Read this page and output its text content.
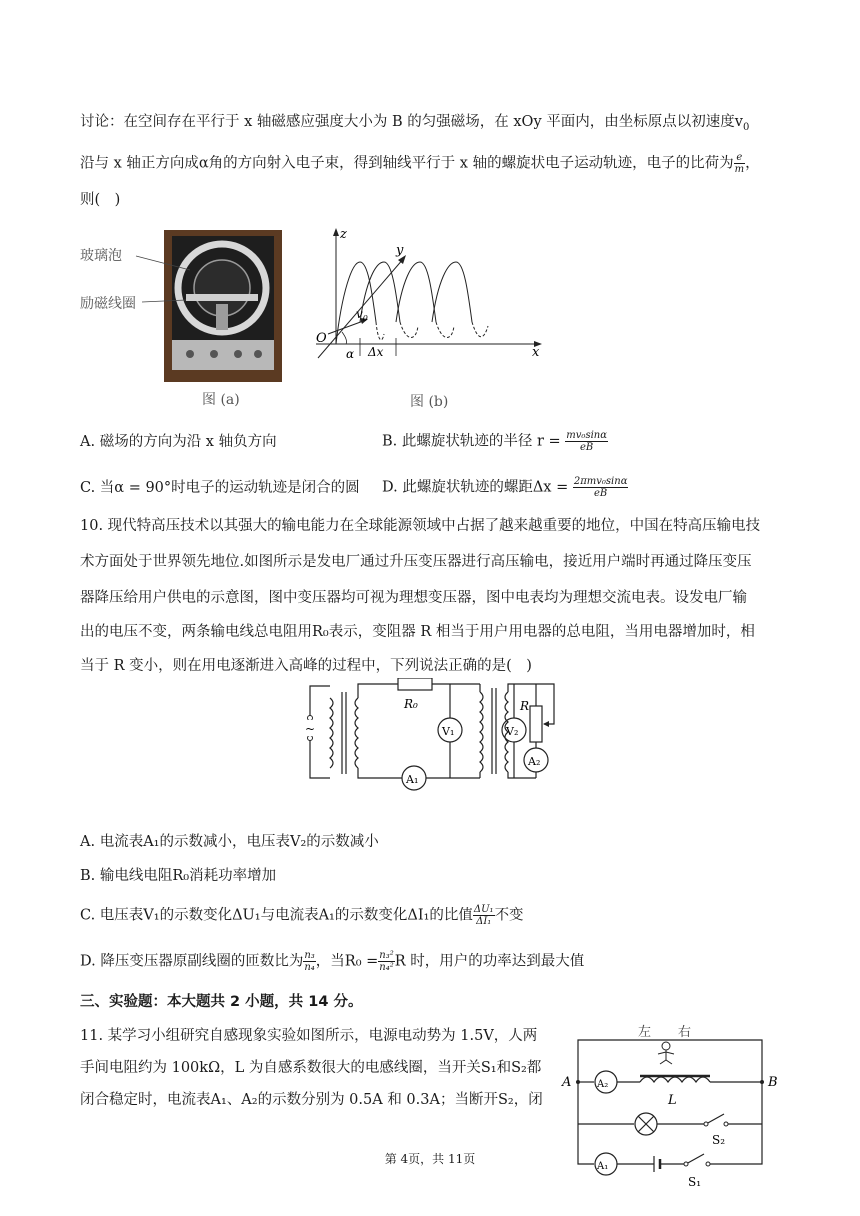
讨论：在空间存在平行于 x 轴磁感应强度大小为 B 的匀强磁场，在 xOy 平面内，由坐标原点以初速度$v_0$
沿与 x 轴正方向成α角的方向射入电子束，得到轴线平行于 x 轴的螺旋状电子运动轨迹，电子的比荷为 $\frac{e}{m}$ ，
则(　)
玻璃泡
励磁线圈
图 (a)
z
y
x
O
$v_0$
α Δx
图 (b)
A. 磁场的方向为沿 x 轴负方向	B. 此螺旋状轨迹的半径 $r = \frac{\text{mv₀sinα}}{eB}$
C. 当α = 90°时电子的运动轨迹是闭合的圆 D. 此螺旋状轨迹的螺距$\Delta x = \frac{\text{2πmv₀sinα}}{eB}$
10. 现代特高压技术以其强大的输电能力在全球能源领域中占据了越来越重要的地位，中国在特高压输电技
术方面处于世界领先地位.如图所示是发电厂通过升压变压器进行高压输电，接近用户端时再通过降压变压
器降压给用户供电的示意图，图中变压器均可视为理想变压器，图中电表均为理想交流电表。设发电厂输
出的电压不变，两条输电线总电阻用R₀表示，变阻器 R 相当于用户用电器的总电阻，当用电器增加时，相
当于 R 变小，则在用电逐渐进入高峰的过程中，下列说法正确的是(　)
~
R₀
V₁
A₁
V₂
R
A₂
A. 电流表A₁的示数减小，电压表V₂的示数减小
B. 输电线电阻R₀消耗功率增加
C. 电压表V₁的示数变化ΔU₁与电流表A₁的示数变化ΔI₁的比值 $\frac{\text{ΔU₁}}{\text{ΔI₁}}$ 不变
D. 降压变压器原副线圈的匝数比为 $\frac{\text{n₃}}{\text{n₄}}$ ，当$R_0 = \frac{\text{n₃²}}{\text{n₄²}}$ R 时，用户的功率达到最大值
三、实验题：本大题共 2 小题，共 14 分。
11. 某学习小组研究自感现象实验如图所示，电源电动势为 1.5V，人两
手间电阻约为 100kΩ，L 为自感系数很大的电感线圈，当开关S₁和S₂都
闭合稳定时，电流表A₁、A₂的示数分别为 0.5A 和 0.3A；当断开S₂，闭
左 右
A	B
L
A₂
A₁
S₂
S₁
第 4页，共 11页
